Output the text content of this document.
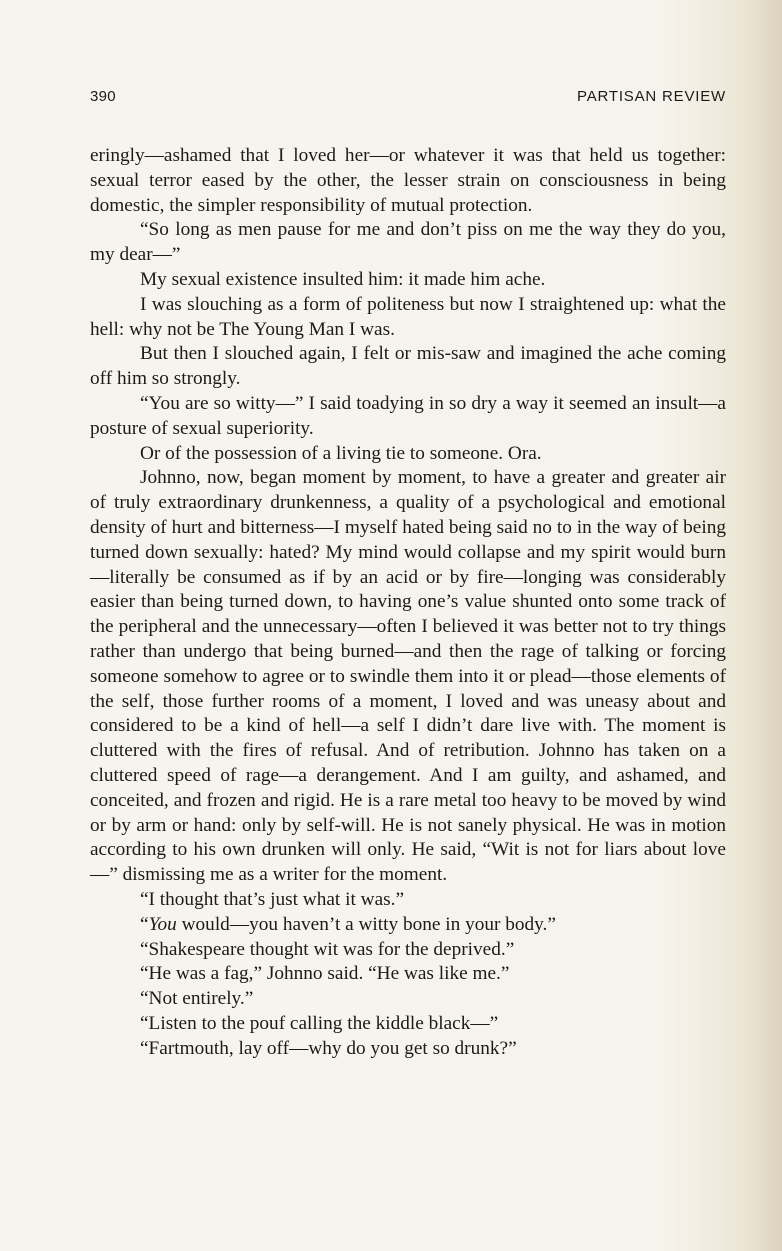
390	PARTISAN REVIEW

eringly—ashamed that I loved her—or whatever it was that held us together: sexual terror eased by the other, the lesser strain on consciousness in being domestic, the simpler responsibility of mutual protection.

“So long as men pause for me and don’t piss on me the way they do you, my dear—”

My sexual existence insulted him: it made him ache.

I was slouching as a form of politeness but now I straightened up: what the hell: why not be The Young Man I was.

But then I slouched again, I felt or mis-saw and imagined the ache coming off him so strongly.

“You are so witty—” I said toadying in so dry a way it seemed an insult—a posture of sexual superiority.

Or of the possession of a living tie to someone. Ora.

Johnno, now, began moment by moment, to have a greater and greater air of truly extraordinary drunkenness, a quality of a psychological and emotional density of hurt and bitterness—I myself hated being said no to in the way of being turned down sexually: hated? My mind would collapse and my spirit would burn—literally be consumed as if by an acid or by fire—longing was considerably easier than being turned down, to having one’s value shunted onto some track of the peripheral and the unnecessary—often I believed it was better not to try things rather than undergo that being burned—and then the rage of talking or forcing someone somehow to agree or to swindle them into it or plead—those elements of the self, those further rooms of a moment, I loved and was uneasy about and considered to be a kind of hell—a self I didn’t dare live with. The moment is cluttered with the fires of refusal. And of retribution. Johnno has taken on a cluttered speed of rage—a derangement. And I am guilty, and ashamed, and conceited, and frozen and rigid. He is a rare metal too heavy to be moved by wind or by arm or hand: only by self-will. He is not sanely physical. He was in motion according to his own drunken will only. He said, “Wit is not for liars about love—” dismissing me as a writer for the moment.

“I thought that’s just what it was.”

“You would—you haven’t a witty bone in your body.”

“Shakespeare thought wit was for the deprived.”

“He was a fag,” Johnno said. “He was like me.”

“Not entirely.”

“Listen to the pouf calling the kiddle black—”

“Fartmouth, lay off—why do you get so drunk?”
